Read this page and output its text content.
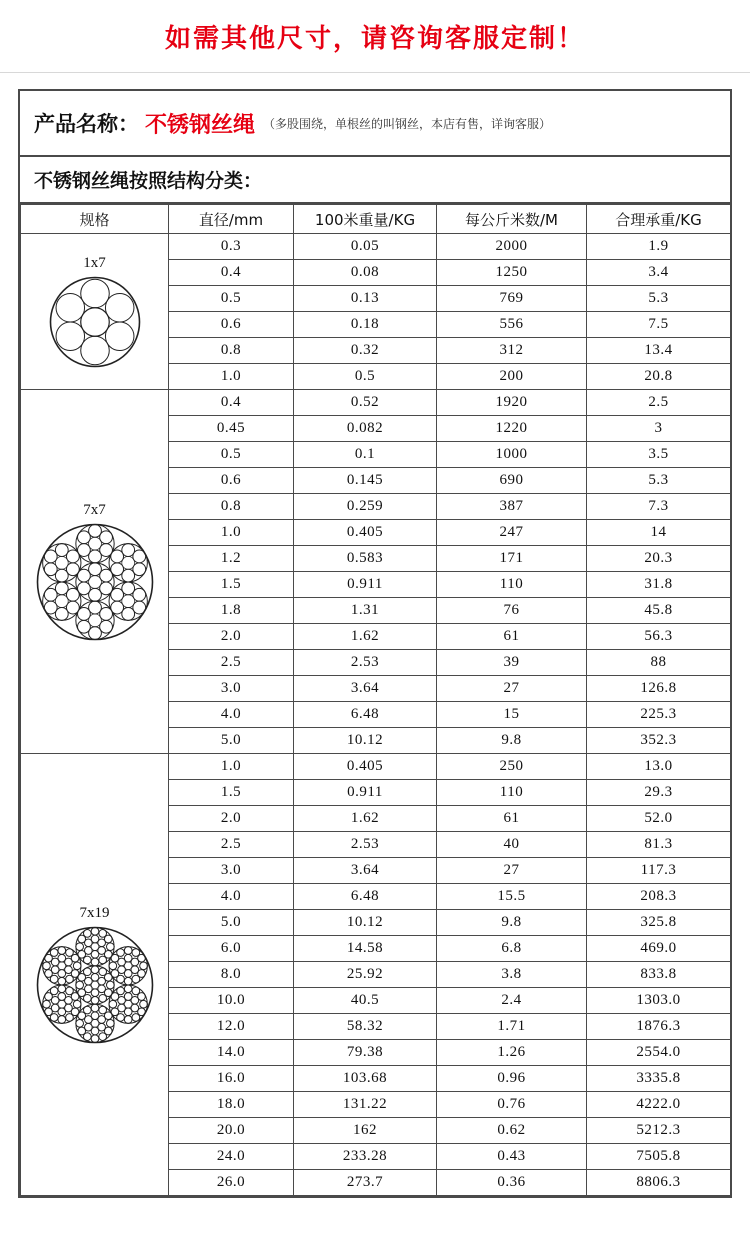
如需其他尺寸，请咨询客服定制！
产品名称： 不锈钢丝绳 （多股围绕，单根丝的叫钢丝，本店有售，详询客服）
不锈钢丝绳按照结构分类：
规格	直径/mm	100米重量/KG	每公斤米数/M	合理承重/KG

1x7	0.3	0.05	2000	1.9
	0.4	0.08	1250	3.4
	0.5	0.13	769	5.3
	0.6	0.18	556	7.5
	0.8	0.32	312	13.4
	1.0	0.5	200	20.8

7x7	0.4	0.52	1920	2.5
	0.45	0.082	1220	3
	0.5	0.1	1000	3.5
	0.6	0.145	690	5.3
	0.8	0.259	387	7.3
	1.0	0.405	247	14
	1.2	0.583	171	20.3
	1.5	0.911	110	31.8
	1.8	1.31	76	45.8
	2.0	1.62	61	56.3
	2.5	2.53	39	88
	3.0	3.64	27	126.8
	4.0	6.48	15	225.3
	5.0	10.12	9.8	352.3

7x19	1.0	0.405	250	13.0
	1.5	0.911	110	29.3
	2.0	1.62	61	52.0
	2.5	2.53	40	81.3
	3.0	3.64	27	117.3
	4.0	6.48	15.5	208.3
	5.0	10.12	9.8	325.8
	6.0	14.58	6.8	469.0
	8.0	25.92	3.8	833.8
	10.0	40.5	2.4	1303.0
	12.0	58.32	1.71	1876.3
	14.0	79.38	1.26	2554.0
	16.0	103.68	0.96	3335.8
	18.0	131.22	0.76	4222.0
	20.0	162	0.62	5212.3
	24.0	233.28	0.43	7505.8
	26.0	273.7	0.36	8806.3
